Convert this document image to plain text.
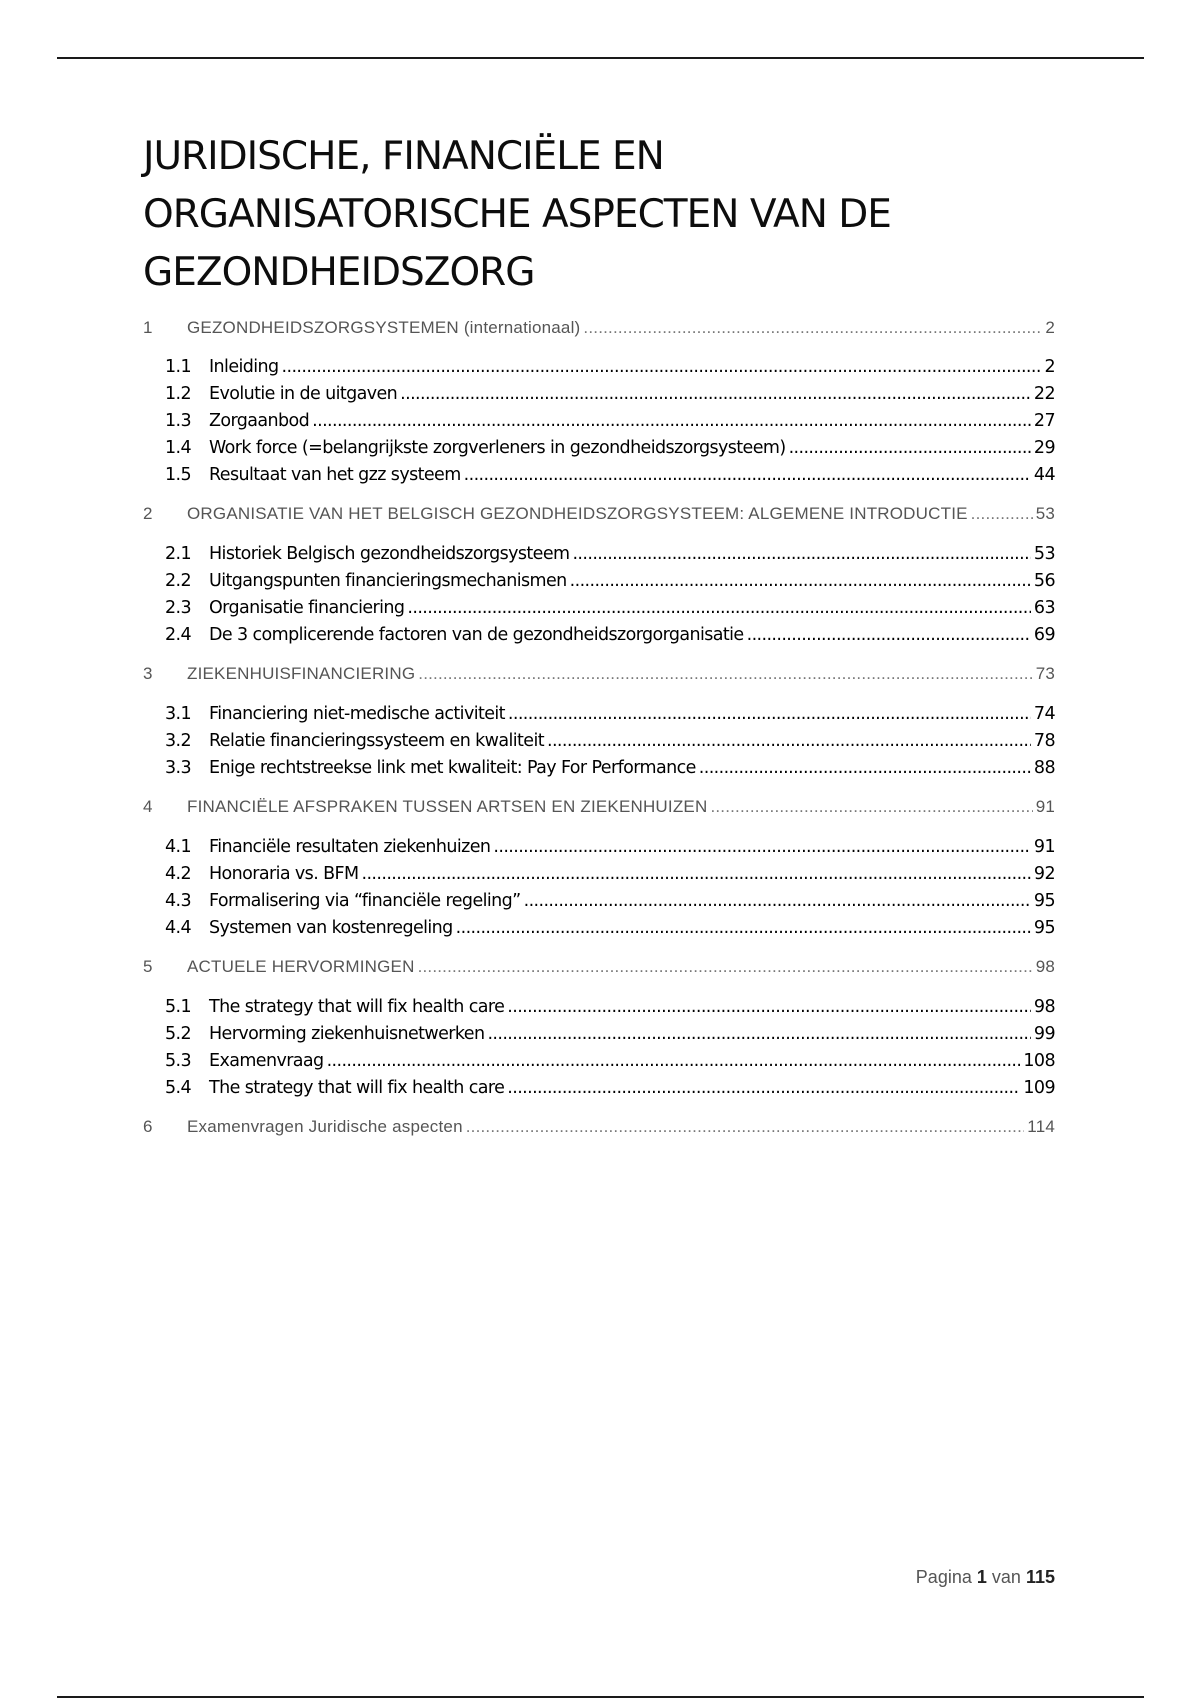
JURIDISCHE, FINANCIËLE EN
ORGANISATORISCHE ASPECTEN VAN DE
GEZONDHEIDSZORG
1	GEZONDHEIDSZORGSYSTEMEN (internationaal) .....	2
1.1	Inleiding .....	2
1.2	Evolutie in de uitgaven .....	22
1.3	Zorgaanbod .....	27
1.4	Work force (=belangrijkste zorgverleners in gezondheidszorgsysteem) .....	29
1.5	Resultaat van het gzz systeem .....	44
2	ORGANISATIE VAN HET BELGISCH GEZONDHEIDSZORGSYSTEEM: ALGEMENE INTRODUCTIE .....	53
2.1	Historiek Belgisch gezondheidszorgsysteem .....	53
2.2	Uitgangspunten financieringsmechanismen .....	56
2.3	Organisatie financiering .....	63
2.4	De 3 complicerende factoren van de gezondheidszorgorganisatie .....	69
3	ZIEKENHUISFINANCIERING .....	73
3.1	Financiering niet-medische activiteit .....	74
3.2	Relatie financieringssysteem en kwaliteit .....	78
3.3	Enige rechtstreekse link met kwaliteit: Pay For Performance .....	88
4	FINANCIËLE AFSPRAKEN TUSSEN ARTSEN EN ZIEKENHUIZEN .....	91
4.1	Financiële resultaten ziekenhuizen .....	91
4.2	Honoraria vs. BFM .....	92
4.3	Formalisering via “financiële regeling” .....	95
4.4	Systemen van kostenregeling .....	95
5	ACTUELE HERVORMINGEN .....	98
5.1	The strategy that will fix health care .....	98
5.2	Hervorming ziekenhuisnetwerken .....	99
5.3	Examenvraag .....	108
5.4	The strategy that will fix health care .....	109
6	Examenvragen Juridische aspecten .....	114
Pagina 1 van 115
